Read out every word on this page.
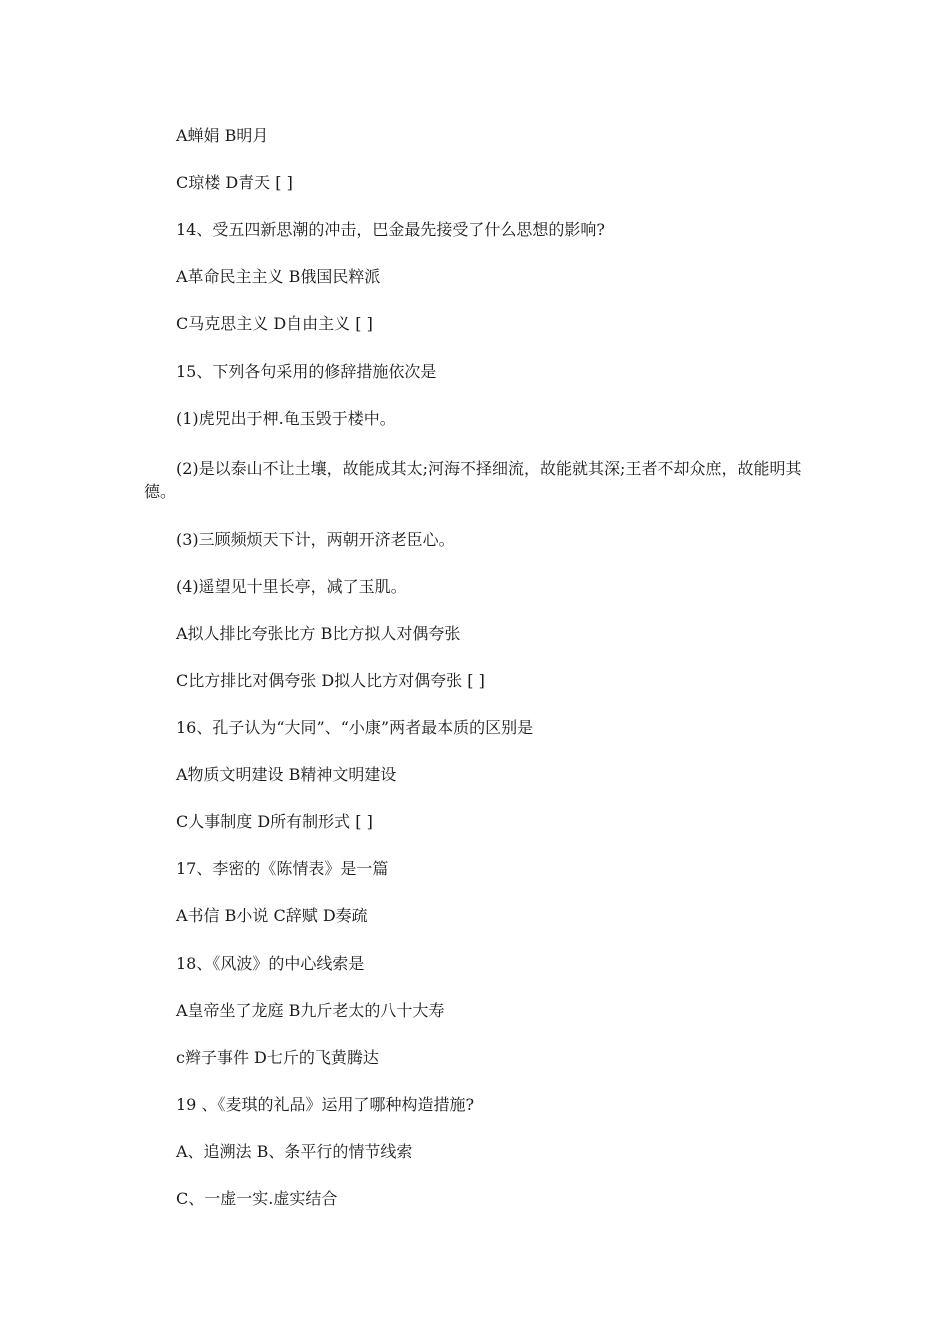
A蝉娟 B明月
C琼楼 D青天 [ ]
14、受五四新思潮的冲击，巴金最先接受了什么思想的影响?
A革命民主主义 B俄国民粹派
C马克思主义 D自由主义 [ ]
15、下列各句采用的修辞措施依次是
(1)虎兕出于柙.龟玉毁于楼中。
(2)是以泰山不让土壤，故能成其太;河海不择细流，故能就其深;王者不却众庶，故能明其德。
(3)三顾频烦天下计，两朝开济老臣心。
(4)遥望见十里长亭，减了玉肌。
A拟人排比夸张比方 B比方拟人对偶夸张
C比方排比对偶夸张 D拟人比方对偶夸张 [ ]
16、孔子认为“大同”、“小康”两者最本质的区别是
A物质文明建设 B精神文明建设
C人事制度 D所有制形式 [ ]
17、李密的《陈情表》是一篇
A书信 B小说 C辞赋 D奏疏
18、《风波》的中心线索是
A皇帝坐了龙庭 B九斤老太的八十大寿
c辫子事件 D七斤的飞黄腾达
19 、《麦琪的礼品》运用了哪种构造措施?
A、追溯法 B、条平行的情节线索
C、一虚一实.虚实结合
